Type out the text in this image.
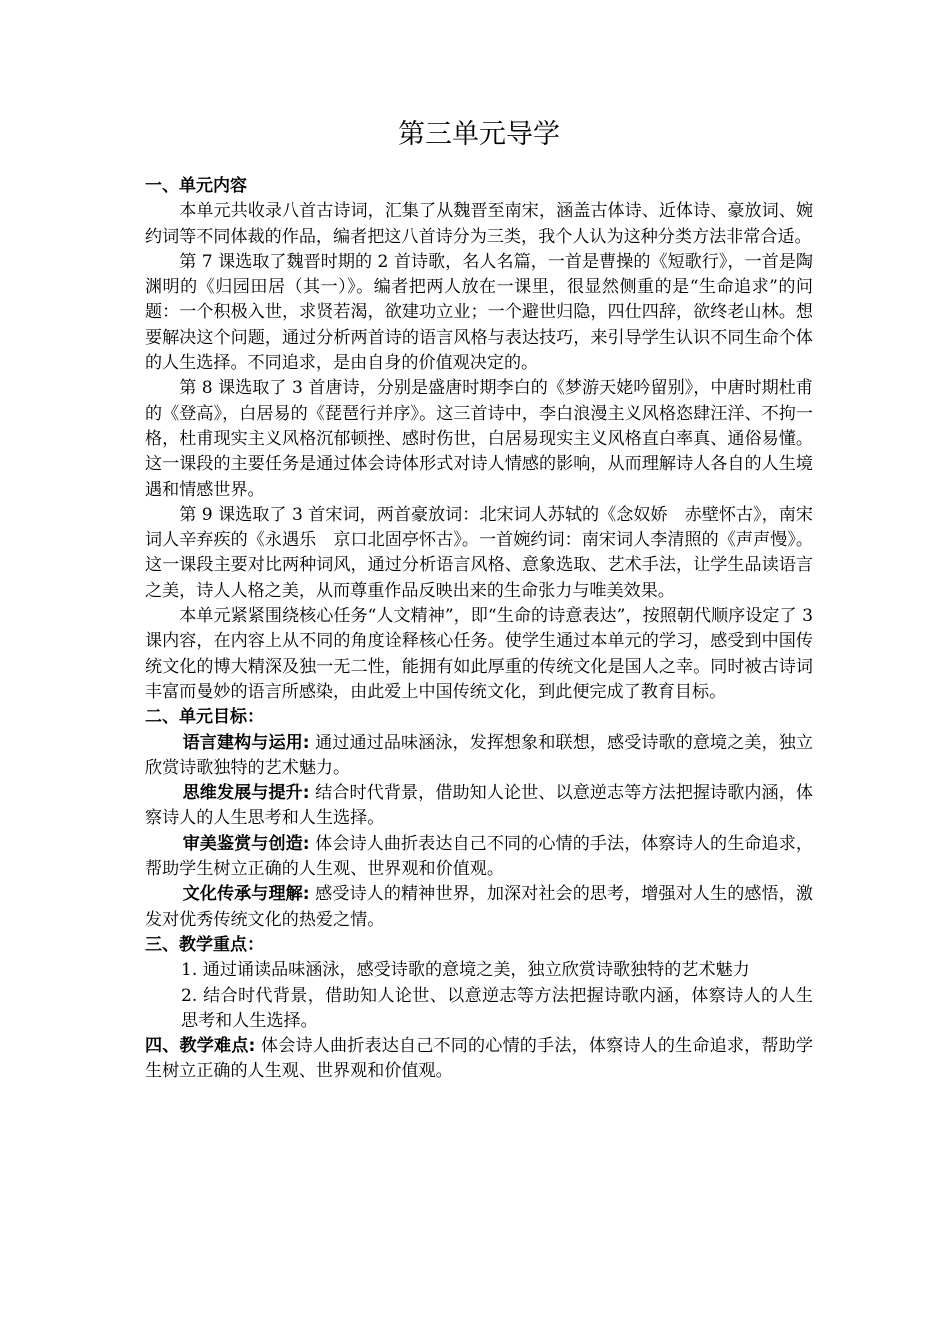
第三单元导学

一、单元内容

本单元共收录八首古诗词，汇集了从魏晋至南宋，涵盖古体诗、近体诗、豪放词、婉约词等不同体裁的作品，编者把这八首诗分为三类，我个人认为这种分类方法非常合适。

第 7 课选取了魏晋时期的 2 首诗歌，名人名篇，一首是曹操的《短歌行》，一首是陶渊明的《归园田居（其一）》。编者把两人放在一课里，很显然侧重的是“生命追求”的问题：一个积极入世，求贤若渴，欲建功立业；一个避世归隐，四仕四辞，欲终老山林。想要解决这个问题，通过分析两首诗的语言风格与表达技巧，来引导学生认识不同生命个体的人生选择。不同追求，是由自身的价值观决定的。

第 8 课选取了 3 首唐诗，分别是盛唐时期李白的《梦游天姥吟留别》，中唐时期杜甫的《登高》，白居易的《琵琶行并序》。这三首诗中，李白浪漫主义风格恣肆汪洋、不拘一格，杜甫现实主义风格沉郁顿挫、感时伤世，白居易现实主义风格直白率真、通俗易懂。这一课段的主要任务是通过体会诗体形式对诗人情感的影响，从而理解诗人各自的人生境遇和情感世界。

第 9 课选取了 3 首宋词，两首豪放词：北宋词人苏轼的《念奴娇　赤壁怀古》，南宋词人辛弃疾的《永遇乐　京口北固亭怀古》。一首婉约词：南宋词人李清照的《声声慢》。这一课段主要对比两种词风，通过分析语言风格、意象选取、艺术手法，让学生品读语言之美，诗人人格之美，从而尊重作品反映出来的生命张力与唯美效果。

本单元紧紧围绕核心任务“人文精神”，即“生命的诗意表达”，按照朝代顺序设定了 3 课内容，在内容上从不同的角度诠释核心任务。使学生通过本单元的学习，感受到中国传统文化的博大精深及独一无二性，能拥有如此厚重的传统文化是国人之幸。同时被古诗词丰富而曼妙的语言所感染，由此爱上中国传统文化，到此便完成了教育目标。

二、单元目标：

语言建构与运用: 通过通过品味涵泳，发挥想象和联想，感受诗歌的意境之美，独立欣赏诗歌独特的艺术魅力。

思维发展与提升: 结合时代背景，借助知人论世、以意逆志等方法把握诗歌内涵，体察诗人的人生思考和人生选择。

审美鉴赏与创造: 体会诗人曲折表达自己不同的心情的手法，体察诗人的生命追求，帮助学生树立正确的人生观、世界观和价值观。

文化传承与理解: 感受诗人的精神世界，加深对社会的思考，增强对人生的感悟，激发对优秀传统文化的热爱之情。

三、教学重点：

1. 通过诵读品味涵泳，感受诗歌的意境之美，独立欣赏诗歌独特的艺术魅力
2. 结合时代背景，借助知人论世、以意逆志等方法把握诗歌内涵，体察诗人的人生思考和人生选择。

四、教学难点: 体会诗人曲折表达自己不同的心情的手法，体察诗人的生命追求，帮助学生树立正确的人生观、世界观和价值观。
